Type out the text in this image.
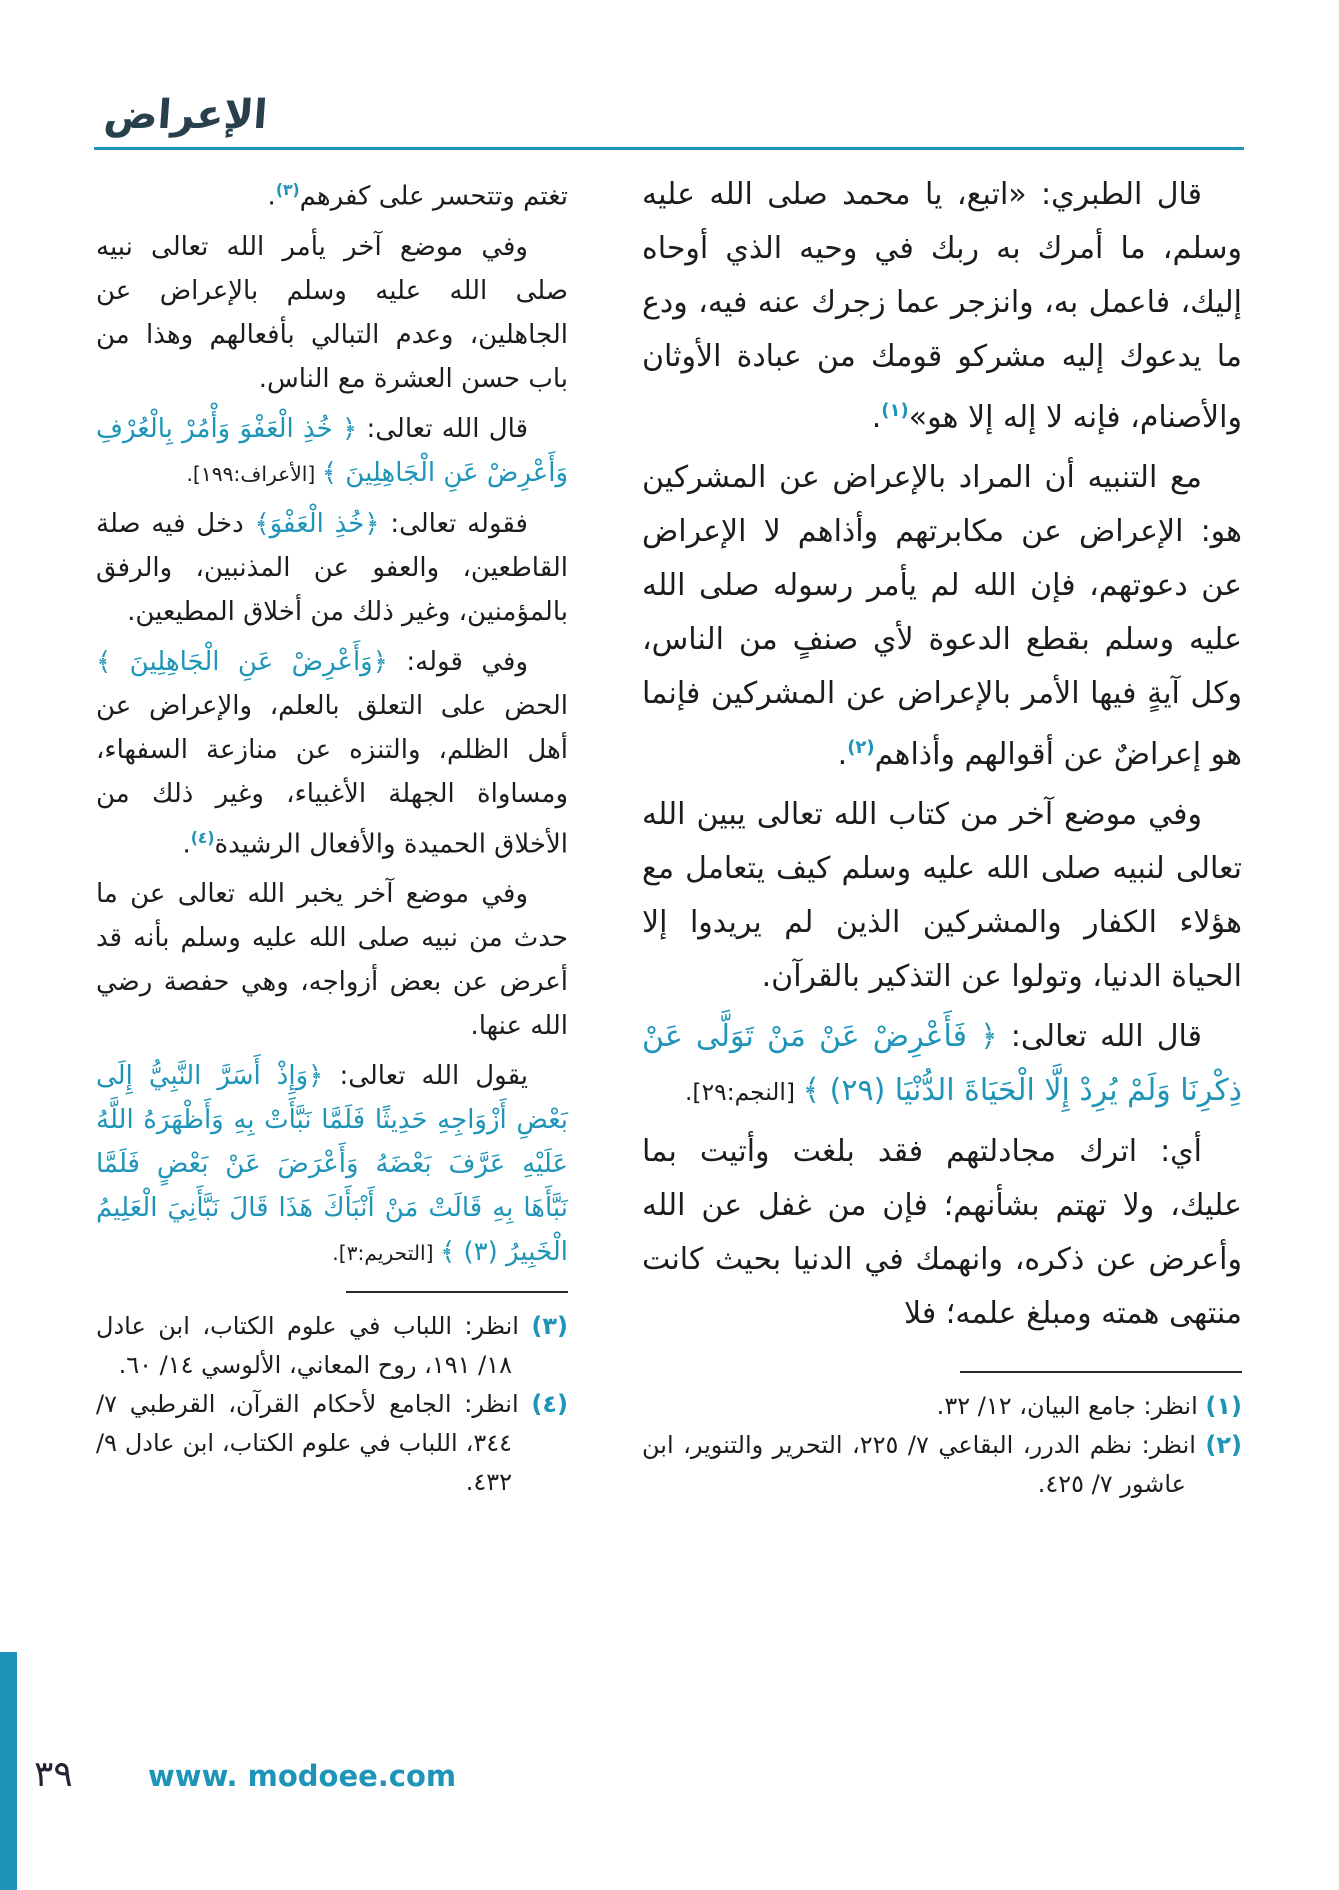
الإعراض

قال الطبري: «اتبع، يا محمد صلى الله عليه وسلم، ما أمرك به ربك في وحيه الذي أوحاه إليك، فاعمل به، وانزجر عما زجرك عنه فيه، ودع ما يدعوك إليه مشركو قومك من عبادة الأوثان والأصنام، فإنه لا إله إلا هو»$^{(١)}$.

مع التنبيه أن المراد بالإعراض عن المشركين هو: الإعراض عن مكابرتهم وأذاهم لا الإعراض عن دعوتهم، فإن الله لم يأمر رسوله صلى الله عليه وسلم بقطع الدعوة لأي صنفٍ من الناس، وكل آيةٍ فيها الأمر بالإعراض عن المشركين فإنما هو إعراضٌ عن أقوالهم وأذاهم$^{(٢)}$.

وفي موضع آخر من كتاب الله تعالى يبين الله تعالى لنبيه صلى الله عليه وسلم كيف يتعامل مع هؤلاء الكفار والمشركين الذين لم يريدوا إلا الحياة الدنيا، وتولوا عن التذكير بالقرآن.

قال الله تعالى: ﴿ فَأَعْرِضْ عَنْ مَنْ تَوَلَّى عَنْ ذِكْرِنَا وَلَمْ يُرِدْ إِلَّا الْحَيَاةَ الدُّنْيَا (٢٩) ﴾ [النجم:٢٩].

أي: اترك مجادلتهم فقد بلغت وأتيت بما عليك، ولا تهتم بشأنهم؛ فإن من غفل عن الله وأعرض عن ذكره، وانهمك في الدنيا بحيث كانت منتهى همته ومبلغ علمه؛ فلا

(١) انظر: جامع البيان، ١٢/ ٣٢.
(٢) انظر: نظم الدرر، البقاعي ٧/ ٢٢٥، التحرير والتنوير، ابن عاشور ٧/ ٤٢٥.

تغتم وتتحسر على كفرهم$^{(٣)}$.

وفي موضع آخر يأمر الله تعالى نبيه صلى الله عليه وسلم بالإعراض عن الجاهلين، وعدم التبالي بأفعالهم وهذا من باب حسن العشرة مع الناس.

قال الله تعالى: ﴿ خُذِ الْعَفْوَ وَأْمُرْ بِالْعُرْفِ وَأَعْرِضْ عَنِ الْجَاهِلِينَ ﴾ [الأعراف:١٩٩].

فقوله تعالى: ﴿خُذِ الْعَفْوَ﴾ دخل فيه صلة القاطعين، والعفو عن المذنبين، والرفق بالمؤمنين، وغير ذلك من أخلاق المطيعين.

وفي قوله: ﴿وَأَعْرِضْ عَنِ الْجَاهِلِينَ ﴾ الحض على التعلق بالعلم، والإعراض عن أهل الظلم، والتنزه عن منازعة السفهاء، ومساواة الجهلة الأغبياء، وغير ذلك من الأخلاق الحميدة والأفعال الرشيدة$^{(٤)}$.

وفي موضع آخر يخبر الله تعالى عن ما حدث من نبيه صلى الله عليه وسلم بأنه قد أعرض عن بعض أزواجه، وهي حفصة رضي الله عنها.

يقول الله تعالى: ﴿وَإِذْ أَسَرَّ النَّبِيُّ إِلَى بَعْضِ أَزْوَاجِهِ حَدِيثًا فَلَمَّا نَبَّأَتْ بِهِ وَأَظْهَرَهُ اللَّهُ عَلَيْهِ عَرَّفَ بَعْضَهُ وَأَعْرَضَ عَنْ بَعْضٍ فَلَمَّا نَبَّأَهَا بِهِ قَالَتْ مَنْ أَنْبَأَكَ هَذَا قَالَ نَبَّأَنِيَ الْعَلِيمُ الْخَبِيرُ (٣) ﴾ [التحريم:٣].

(٣) انظر: اللباب في علوم الكتاب، ابن عادل ١٨/ ١٩١، روح المعاني، الألوسي ١٤/ ٦٠.
(٤) انظر: الجامع لأحكام القرآن، القرطبي ٧/ ٣٤٤، اللباب في علوم الكتاب، ابن عادل ٩/ ٤٣٢.
٣٩	www. modoee.com
